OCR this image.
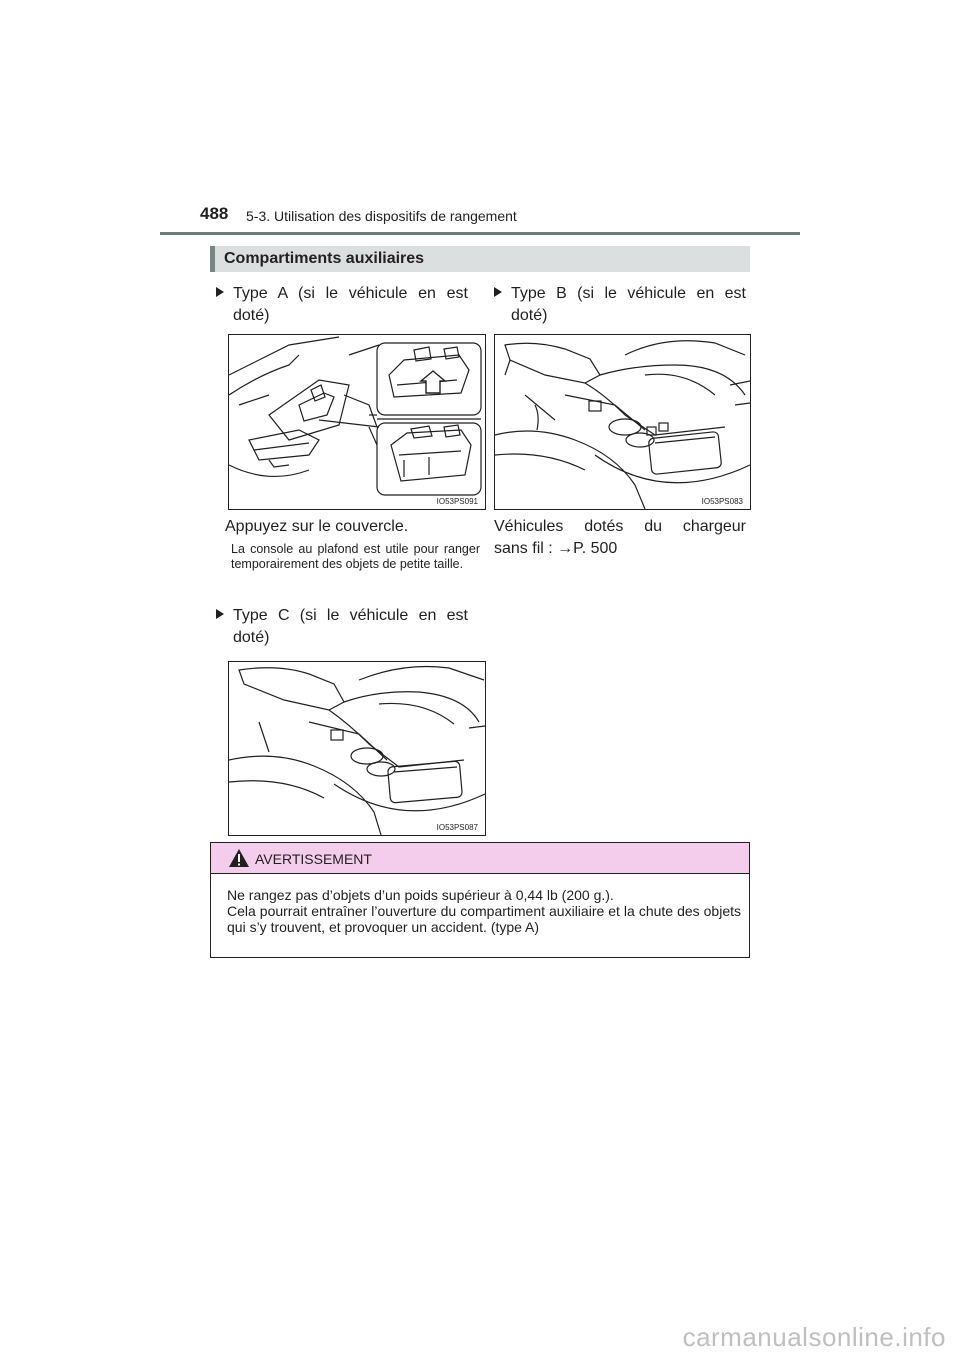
488 5-3. Utilisation des dispositifs de rangement
Compartiments auxiliaires
Type A (si le véhicule en est
doté)
Type B (si le véhicule en est
doté)
IO53PS091	IO53PS083
Appuyez sur le couvercle.
La console au plafond est utile pour ranger temporairement des objets de petite taille.
Véhicules dotés du chargeur
sans fil : →P. 500
Type C (si le véhicule en est
doté)
IO53PS087
AVERTISSEMENT

Ne rangez pas d’objets d’un poids supérieur à 0,44 lb (200 g.).

Cela pourrait entraîner l’ouverture du compartiment auxiliaire et la chute des objets qui s’y trouvent, et provoquer un accident. (type A)

carmanualsonline.info
